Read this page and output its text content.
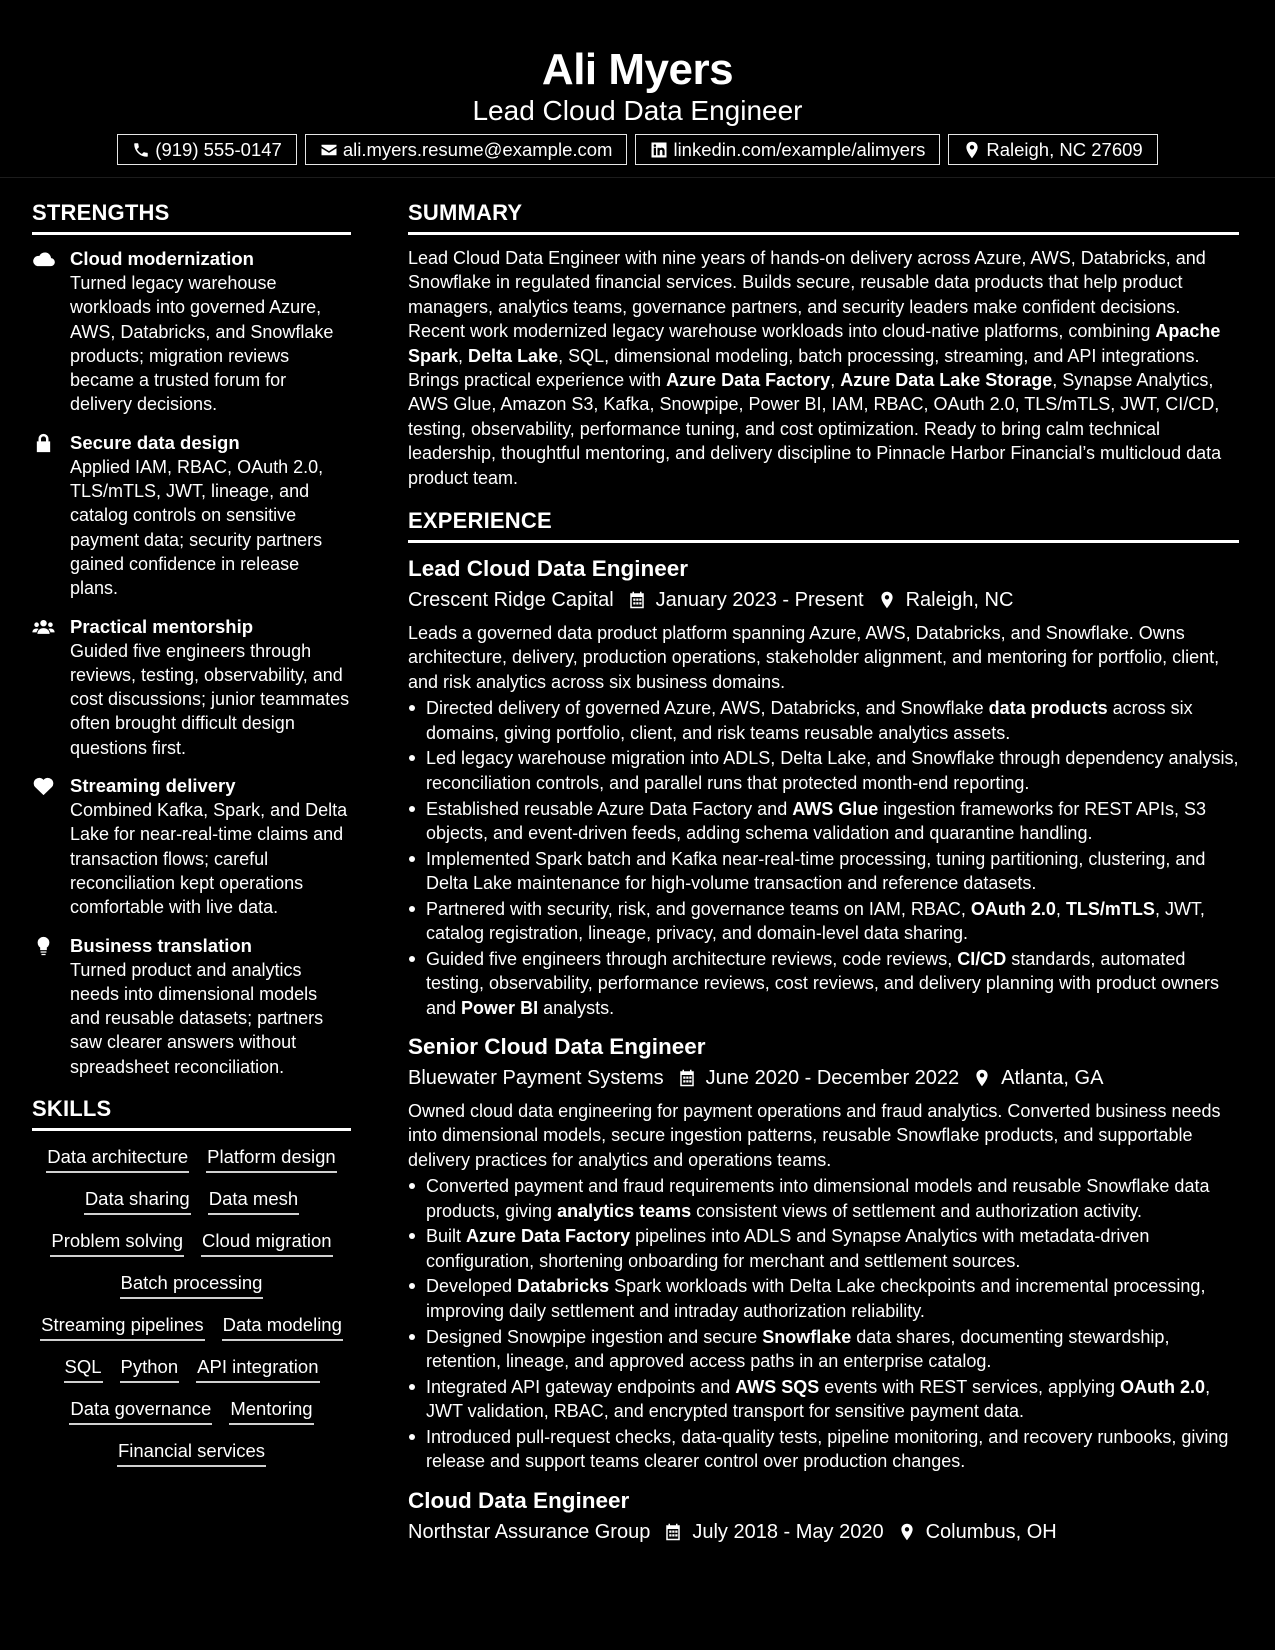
Ali Myers
Lead Cloud Data Engineer
(919) 555-0147	ali.myers.resume@example.com	linkedin.com/example/alimyers	Raleigh, NC 27609
STRENGTHS
Cloud modernization
Turned legacy warehouse workloads into governed Azure, AWS, Databricks, and Snowflake products; migration reviews became a trusted forum for delivery decisions.
Secure data design
Applied IAM, RBAC, OAuth 2.0, TLS/mTLS, JWT, lineage, and catalog controls on sensitive payment data; security partners gained confidence in release plans.
Practical mentorship
Guided five engineers through reviews, testing, observability, and cost discussions; junior teammates often brought difficult design questions first.
Streaming delivery
Combined Kafka, Spark, and Delta Lake for near-real-time claims and transaction flows; careful reconciliation kept operations comfortable with live data.
Business translation
Turned product and analytics needs into dimensional models and reusable datasets; partners saw clearer answers without spreadsheet reconciliation.
SKILLS
Data architecture Platform design
Data sharing Data mesh
Problem solving Cloud migration
Batch processing
Streaming pipelines Data modeling
SQL Python API integration
Data governance Mentoring
Financial services
SUMMARY
Lead Cloud Data Engineer with nine years of hands-on delivery across Azure, AWS, Databricks, and Snowflake in regulated financial services. Builds secure, reusable data products that help product managers, analytics teams, governance partners, and security leaders make confident decisions. Recent work modernized legacy warehouse workloads into cloud-native platforms, combining Apache Spark, Delta Lake, SQL, dimensional modeling, batch processing, streaming, and API integrations. Brings practical experience with Azure Data Factory, Azure Data Lake Storage, Synapse Analytics, AWS Glue, Amazon S3, Kafka, Snowpipe, Power BI, IAM, RBAC, OAuth 2.0, TLS/mTLS, JWT, CI/CD, testing, observability, performance tuning, and cost optimization. Ready to bring calm technical leadership, thoughtful mentoring, and delivery discipline to Pinnacle Harbor Financial’s multicloud data product team.
EXPERIENCE
Lead Cloud Data Engineer
Crescent Ridge Capital January 2023 - Present Raleigh, NC
Leads a governed data product platform spanning Azure, AWS, Databricks, and Snowflake. Owns architecture, delivery, production operations, stakeholder alignment, and mentoring for portfolio, client, and risk analytics across six business domains.
Directed delivery of governed Azure, AWS, Databricks, and Snowflake data products across six domains, giving portfolio, client, and risk teams reusable analytics assets.
Led legacy warehouse migration into ADLS, Delta Lake, and Snowflake through dependency analysis, reconciliation controls, and parallel runs that protected month-end reporting.
Established reusable Azure Data Factory and AWS Glue ingestion frameworks for REST APIs, S3 objects, and event-driven feeds, adding schema validation and quarantine handling.
Implemented Spark batch and Kafka near-real-time processing, tuning partitioning, clustering, and Delta Lake maintenance for high-volume transaction and reference datasets.
Partnered with security, risk, and governance teams on IAM, RBAC, OAuth 2.0, TLS/mTLS, JWT, catalog registration, lineage, privacy, and domain-level data sharing.
Guided five engineers through architecture reviews, code reviews, CI/CD standards, automated testing, observability, performance reviews, cost reviews, and delivery planning with product owners and Power BI analysts.
Senior Cloud Data Engineer
Bluewater Payment Systems June 2020 - December 2022 Atlanta, GA
Owned cloud data engineering for payment operations and fraud analytics. Converted business needs into dimensional models, secure ingestion patterns, reusable Snowflake products, and supportable delivery practices for analytics and operations teams.
Converted payment and fraud requirements into dimensional models and reusable Snowflake data products, giving analytics teams consistent views of settlement and authorization activity.
Built Azure Data Factory pipelines into ADLS and Synapse Analytics with metadata-driven configuration, shortening onboarding for merchant and settlement sources.
Developed Databricks Spark workloads with Delta Lake checkpoints and incremental processing, improving daily settlement and intraday authorization reliability.
Designed Snowpipe ingestion and secure Snowflake data shares, documenting stewardship, retention, lineage, and approved access paths in an enterprise catalog.
Integrated API gateway endpoints and AWS SQS events with REST services, applying OAuth 2.0, JWT validation, RBAC, and encrypted transport for sensitive payment data.
Introduced pull-request checks, data-quality tests, pipeline monitoring, and recovery runbooks, giving release and support teams clearer control over production changes.
Cloud Data Engineer
Northstar Assurance Group July 2018 - May 2020 Columbus, OH
